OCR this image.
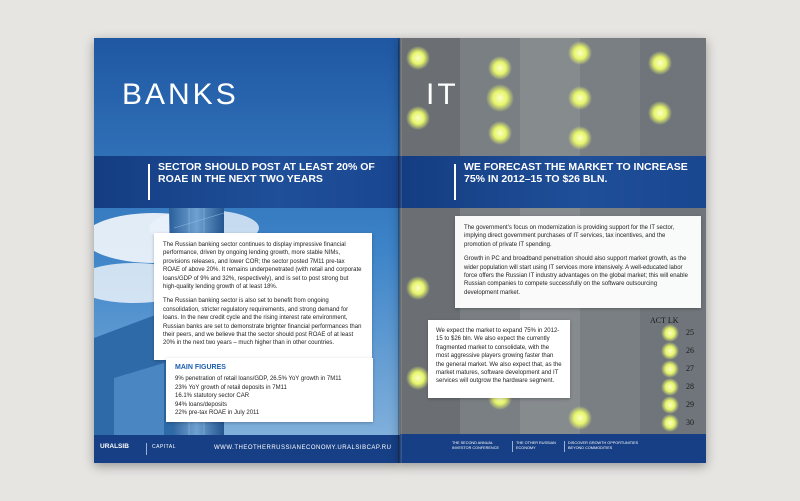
BANKS
SECTOR SHOULD POST AT LEAST 20% OF ROAE IN THE NEXT TWO YEARS

The Russian banking sector continues to display impressive financial performance, driven by ongoing lending growth, more stable NIMs, provisions releases, and lower COR; the sector posted 7M11 pre-tax ROAE of above 20%. It remains underpenetrated (with retail and corporate loans/GDP of 9% and 32%, respectively), and is set to post strong but high-quality lending growth of at least 18%.

The Russian banking sector is also set to benefit from ongoing consolidation, stricter regulatory requirements, and strong demand for loans. In the new credit cycle and the rising interest rate environment, Russian banks are set to demonstrate brighter financial performances than their peers, and we believe that the sector should post ROAE of at least 20% in the next two years – much higher than in other countries.

MAIN FIGURES

9% penetration of retail loans/GDP, 26.5% YoY growth in 7M11

23% YoY growth of retail deposits in 7M11

16.1% statutory sector CAR

94% loans/deposits

22% pre-tax ROAE in July 2011

URALSIB	CAPITAL	WWW.THEOTHERRUSSIANECONOMY.URALSIBCAP.RU
IT
WE FORECAST THE MARKET TO INCREASE 75% IN 2012–15 TO $26 BLN.

The government’s focus on modernization is providing support for the IT sector, implying direct government purchases of IT services, tax incentives, and the promotion of private IT spending.

Growth in PC and broadband penetration should also support market growth, as the wider population will start using IT services more intensively. A well-educated labor force offers the Russian IT industry advantages on the global market; this will enable Russian companies to compete successfully on the software outsourcing development market.

We expect the market to expand 75% in 2012-15 to $26 bln. We also expect the currently fragmented market to consolidate, with the most aggressive players growing faster than the general market. We also expect that, as the market matures, software development and IT services will outgrow the hardware segment.

ACT LK
25
26
27
28
29
30
THE SECOND ANNUAL INVESTOR CONFERENCE
THE OTHER RUSSIAN ECONOMY
DISCOVER GROWTH OPPORTUNITIES BEYOND COMMODITIES
